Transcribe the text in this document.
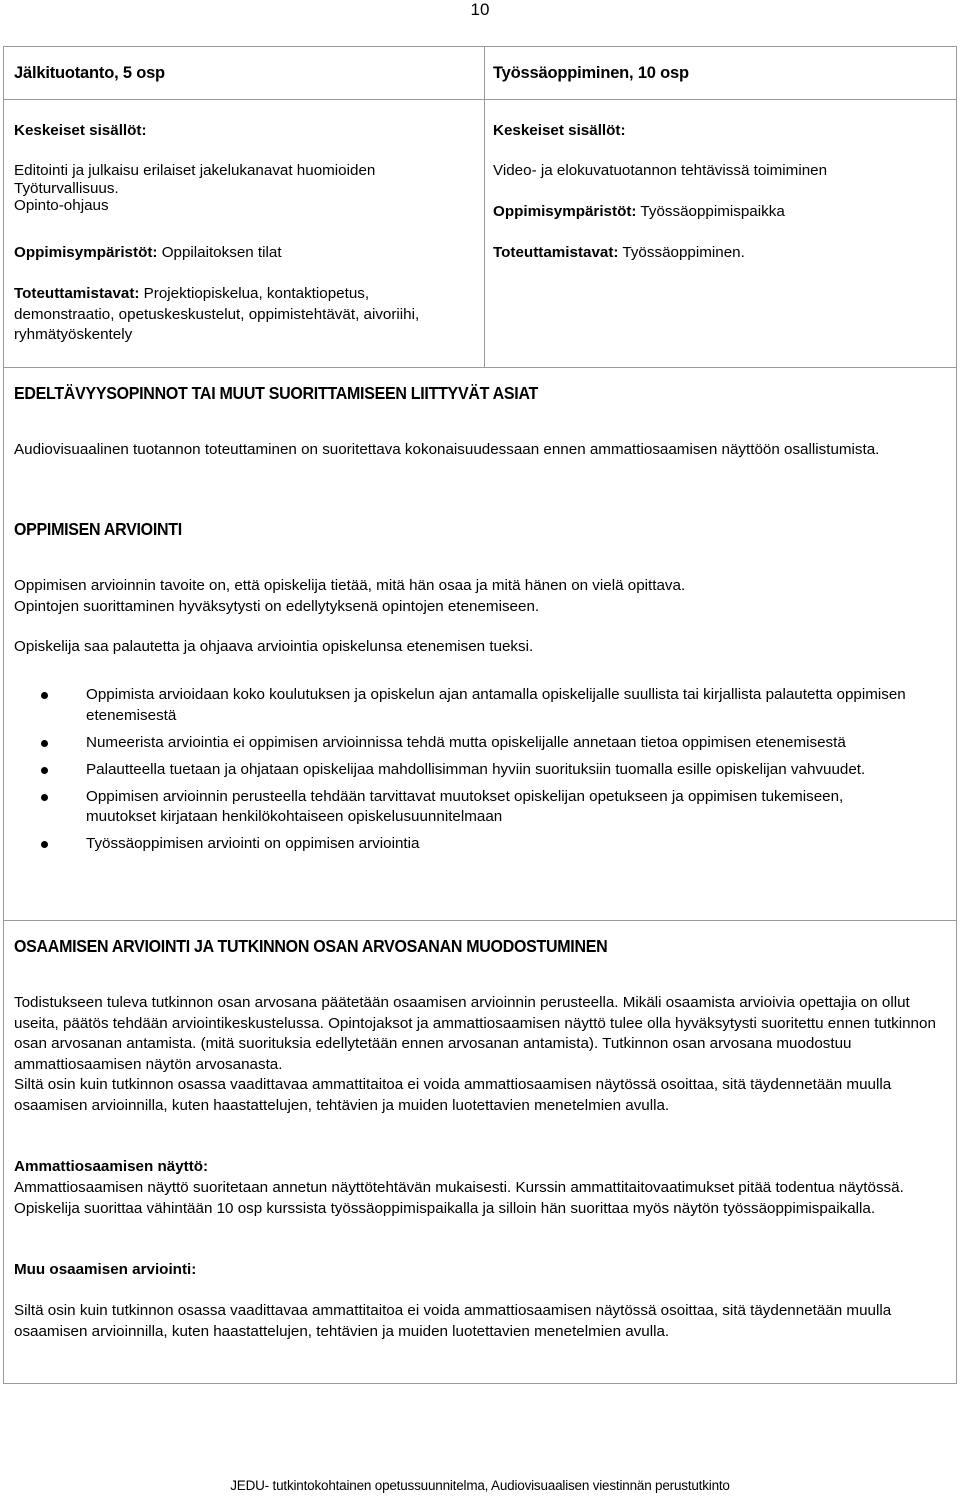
10
Jälkituotanto, 5 osp
Keskeiset sisällöt:

Editointi ja julkaisu erilaiset jakelukanavat huomioiden

Työturvallisuus.

Opinto-ohjaus

Oppimisympäristöt: Oppilaitoksen tilat
Toteuttamistavat: Projektiopiskelua, kontaktiopetus, demonstraatio, opetuskeskustelut, oppimistehtävät, aivoriihi, ryhmätyöskentely
Työssäoppiminen, 10 osp
Keskeiset sisällöt:
Video- ja elokuvatuotannon tehtävissä toimiminen
Oppimisympäristöt: Työssäoppimispaikka
Toteuttamistavat: Työssäoppiminen.
EDELTÄVYYSOPINNOT TAI MUUT SUORITTAMISEEN LIITTYVÄT ASIAT
Audiovisuaalinen tuotannon toteuttaminen on suoritettava kokonaisuudessaan ennen ammattiosaamisen näyttöön osallistumista.
OPPIMISEN ARVIOINTI

Oppimisen arvioinnin tavoite on, että opiskelija tietää, mitä hän osaa ja mitä hänen on vielä opittava.

Opintojen suorittaminen hyväksytysti on edellytyksenä opintojen etenemiseen.

Opiskelija saa palautetta ja ohjaava arviointia opiskelunsa etenemisen tueksi.

Oppimista arvioidaan koko koulutuksen ja opiskelun ajan antamalla opiskelijalle suullista tai kirjallista palautetta oppimisen etenemisestä
Numeerista arviointia ei oppimisen arvioinnissa tehdä mutta opiskelijalle annetaan tietoa oppimisen etenemisestä
Palautteella tuetaan ja ohjataan opiskelijaa mahdollisimman hyviin suorituksiin tuomalla esille opiskelijan vahvuudet.
Oppimisen arvioinnin perusteella tehdään tarvittavat muutokset opiskelijan opetukseen ja oppimisen tukemiseen, muutokset kirjataan henkilökohtaiseen opiskelusuunnitelmaan
Työssäoppimisen arviointi on oppimisen arviointia
OSAAMISEN ARVIOINTI JA TUTKINNON OSAN ARVOSANAN MUODOSTUMINEN
Todistukseen tuleva tutkinnon osan arvosana päätetään osaamisen arvioinnin perusteella. Mikäli osaamista arvioivia opettajia on ollut useita, päätös tehdään arviointikeskustelussa. Opintojaksot ja ammattiosaamisen näyttö tulee olla hyväksytysti suoritettu ennen tutkinnon osan arvosanan antamista. (mitä suorituksia edellytetään ennen arvosanan antamista). Tutkinnon osan arvosana muodostuu ammattiosaamisen näytön arvosanasta.
Siltä osin kuin tutkinnon osassa vaadittavaa ammattitaitoa ei voida ammattiosaamisen näytössä osoittaa, sitä täydennetään muulla osaamisen arvioinnilla, kuten haastattelujen, tehtävien ja muiden luotettavien menetelmien avulla.
Ammattiosaamisen näyttö:
Ammattiosaamisen näyttö suoritetaan annetun näyttötehtävän mukaisesti. Kurssin ammattitaitovaatimukset pitää todentua näytössä. Opiskelija suorittaa vähintään 10 osp kurssista työssäoppimispaikalla ja silloin hän suorittaa myös näytön työssäoppimispaikalla.
Muu osaamisen arviointi:
Siltä osin kuin tutkinnon osassa vaadittavaa ammattitaitoa ei voida ammattiosaamisen näytössä osoittaa, sitä täydennetään muulla osaamisen arvioinnilla, kuten haastattelujen, tehtävien ja muiden luotettavien menetelmien avulla.
JEDU- tutkintokohtainen opetussuunnitelma, Audiovisuaalisen viestinnän perustutkinto
